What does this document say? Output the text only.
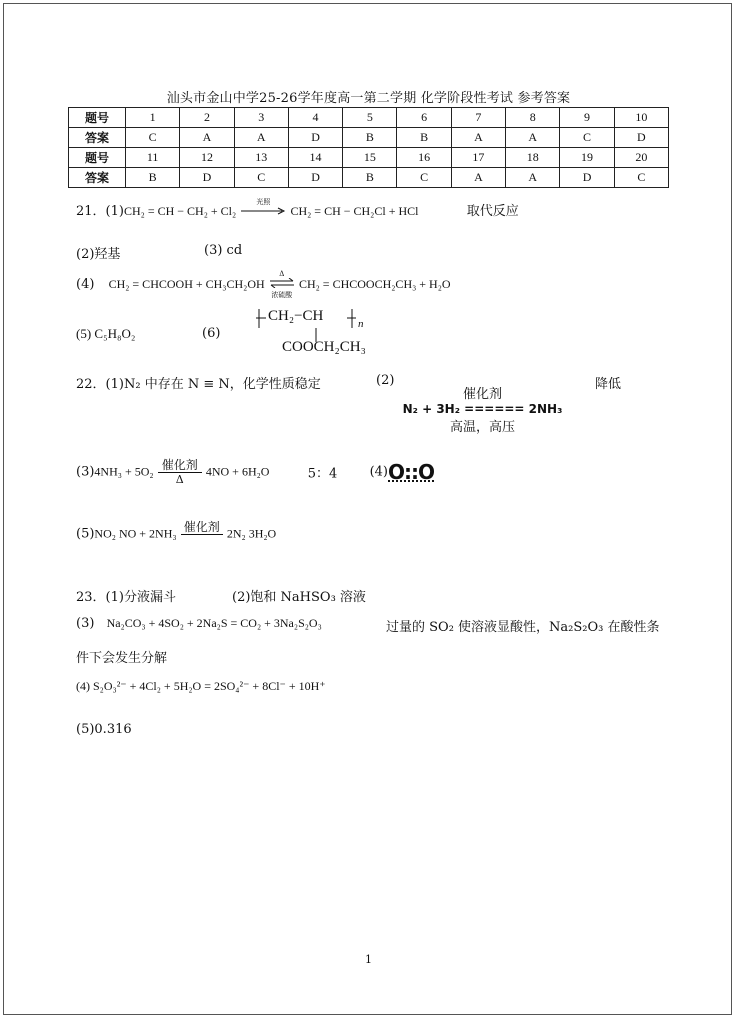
汕头市金山中学25-26学年度高一第二学期 化学阶段性考试 参考答案
题号	1	2	3	4	5	6	7	8	9	10
答案	C	A	A	D	B	B	A	A	C	D
题号	11	12	13	14	15	16	17	18	19	20
答案	B	D	C	D	B	C	A	A	D	C
21．(1)CH₂ = CH − CH₂ + Cl₂
光照
CH₂ = CH − CH₂Cl + HCl	取代反应
(2)羟基	(3) cd
(4) CH₂ = CHCOOH + CH₃CH₂OH
Δ
浓硫酸
CH₂ = CHCOOCH₂CH₃ + H₂O
(5) C₅H₈O₂	(6)
CH₂−CH	n
COOCH₂CH₃
22．(1)N₂ 中存在 N ≡ N，化学性质稳定	(2)
催化剂
N₂ + 3H₂ ====== 2NH₃
高温，高压
降低
(3)4NH₃ + 5O₂ 催化剂
Δ
4NO + 6H₂O	5：4 (4)O::O
(5)NO₂ NO + 2NH₃ 催化剂
2N₂ 3H₂O
23．(1)分液漏斗	(2)饱和 NaHSO₃ 溶液
(3) Na₂CO₃ + 4SO₂ + 2Na₂S = CO₂ + 3Na₂S₂O₃	过量的 SO₂ 使溶液显酸性，Na₂S₂O₃ 在酸性条
件下会发生分解
(4) S₂O₃²⁻ + 4Cl₂ + 5H₂O = 2SO₄²⁻ + 8Cl⁻ + 10H⁺
(5)0.316
1
